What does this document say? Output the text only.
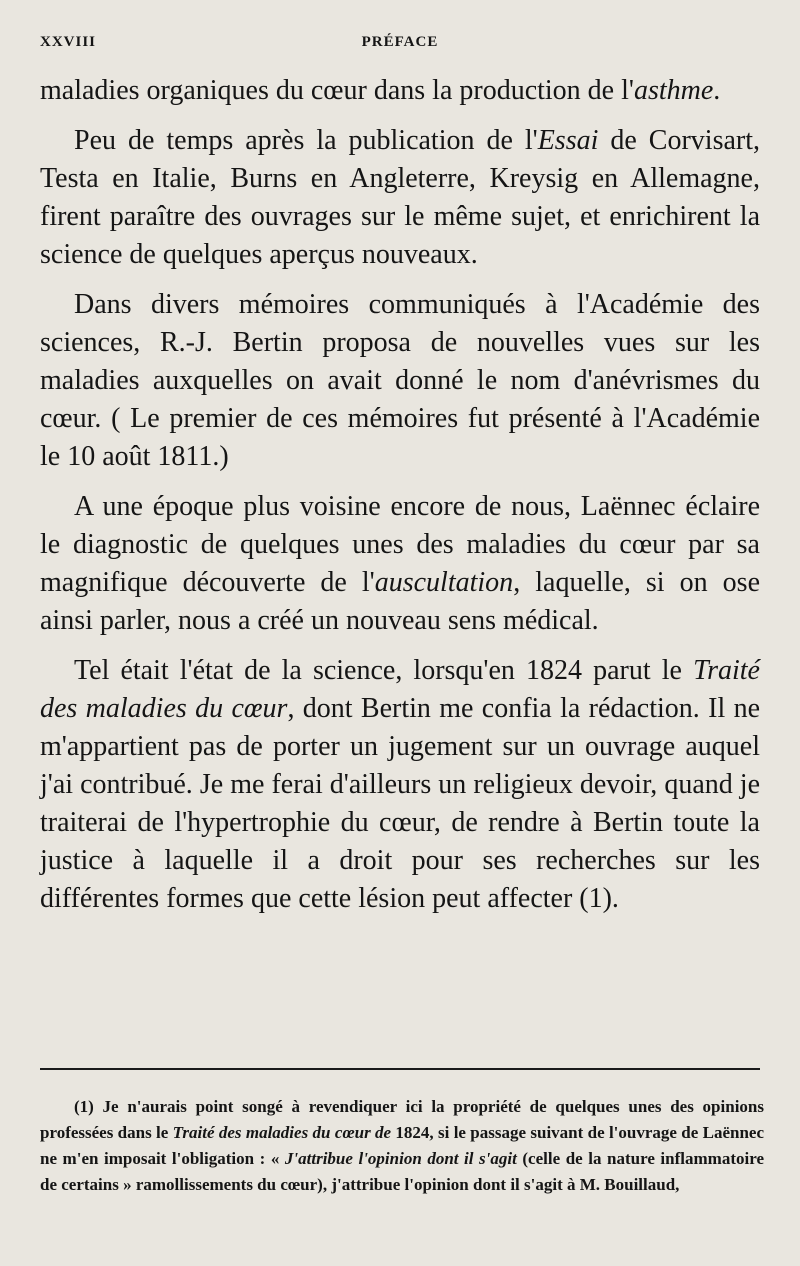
XXVIII	PRÉFACE

maladies organiques du cœur dans la production de l'asthme.

Peu de temps après la publication de l'Essai de Corvisart, Testa en Italie, Burns en Angleterre, Kreysig en Allemagne, firent paraître des ouvrages sur le même sujet, et enrichirent la science de quelques aperçus nouveaux.

Dans divers mémoires communiqués à l'Académie des sciences, R.-J. Bertin proposa de nouvelles vues sur les maladies auxquelles on avait donné le nom d'anévrismes du cœur. ( Le premier de ces mémoires fut présenté à l'Académie le 10 août 1811.)

A une époque plus voisine encore de nous, Laënnec éclaire le diagnostic de quelques unes des maladies du cœur par sa magnifique découverte de l'auscultation, laquelle, si on ose ainsi parler, nous a créé un nouveau sens médical.

Tel était l'état de la science, lorsqu'en 1824 parut le Traité des maladies du cœur, dont Bertin me confia la rédaction. Il ne m'appartient pas de porter un jugement sur un ouvrage auquel j'ai contribué. Je me ferai d'ailleurs un religieux devoir, quand je traiterai de l'hypertrophie du cœur, de rendre à Bertin toute la justice à laquelle il a droit pour ses recherches sur les différentes formes que cette lésion peut affecter (1).

(1) Je n'aurais point songé à revendiquer ici la propriété de quelques unes des opinions professées dans le Traité des maladies du cœur de 1824, si le passage suivant de l'ouvrage de Laënnec ne m'en imposait l'obligation : « J'attribue l'opinion dont il s'agit (celle de la nature inflammatoire de certains » ramollissements du cœur), j'attribue l'opinion dont il s'agit à M. Bouillaud,
